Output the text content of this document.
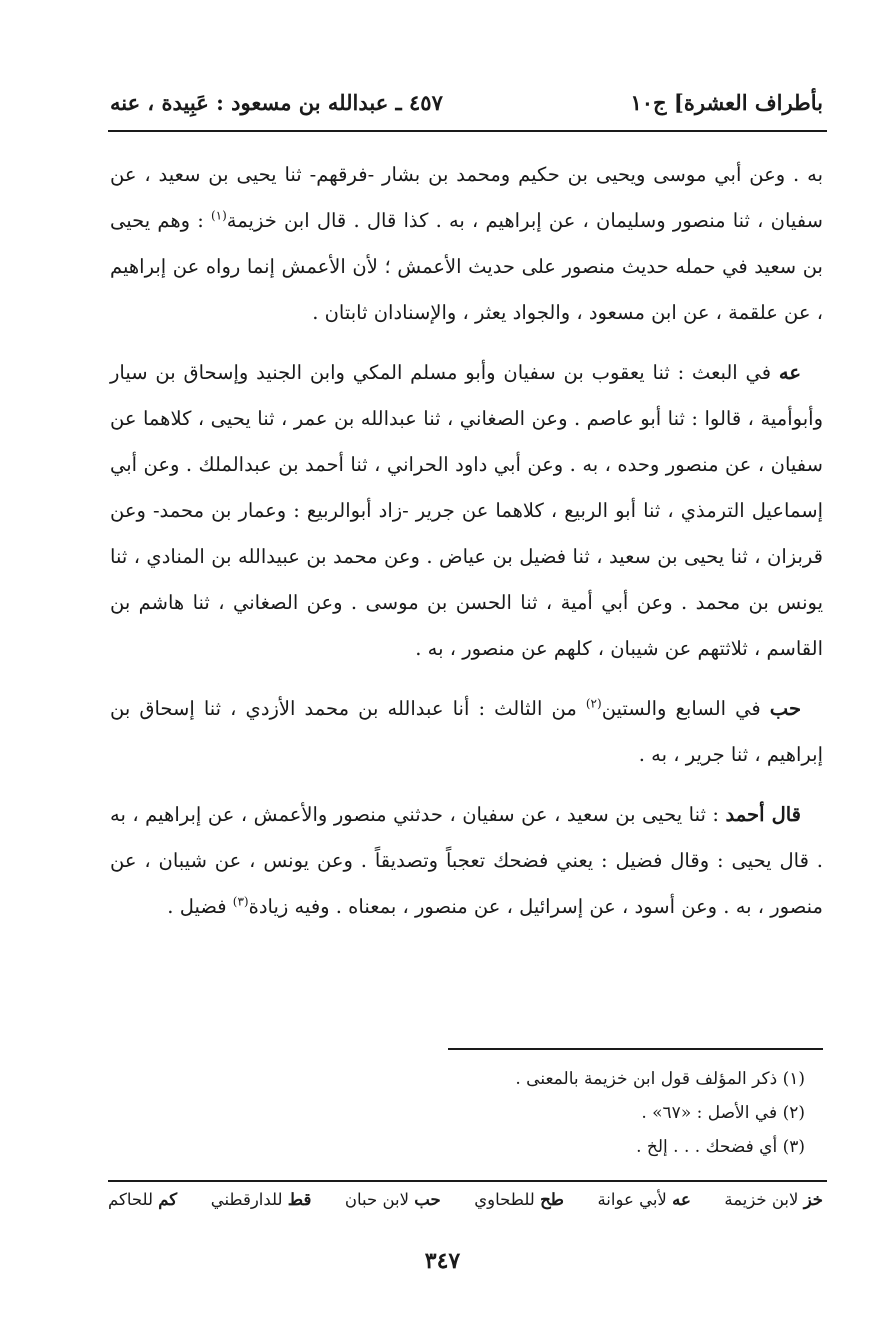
بأطراف العشرة] ج١٠
٤٥٧ ـ عبدالله بن مسعود : عَبِيدة ، عنه

به . وعن أبي موسى ويحيى بن حكيم ومحمد بن بشار -فرقهم- ثنا يحيى بن سعيد ، عن سفيان ، ثنا منصور وسليمان ، عن إبراهيم ، به . كذا قال . قال ابن خزيمة$^{(١)}$ : وهم يحيى بن سعيد في حمله حديث منصور على حديث الأعمش ؛ لأن الأعمش إنما رواه عن إبراهيم ، عن علقمة ، عن ابن مسعود ، والجواد يعثر ، والإسنادان ثابتان .

عه في البعث : ثنا يعقوب بن سفيان وأبو مسلم المكي وابن الجنيد وإسحاق بن سيار وأبوأمية ، قالوا : ثنا أبو عاصم . وعن الصغاني ، ثنا عبدالله بن عمر ، ثنا يحيى ، كلاهما عن سفيان ، عن منصور وحده ، به . وعن أبي داود الحراني ، ثنا أحمد بن عبدالملك . وعن أبي إسماعيل الترمذي ، ثنا أبو الربيع ، كلاهما عن جرير -زاد أبوالربيع : وعمار بن محمد- وعن قربزان ، ثنا يحيى بن سعيد ، ثنا فضيل بن عياض . وعن محمد بن عبيدالله بن المنادي ، ثنا يونس بن محمد . وعن أبي أمية ، ثنا الحسن بن موسى . وعن الصغاني ، ثنا هاشم بن القاسم ، ثلاثتهم عن شيبان ، كلهم عن منصور ، به .

حب في السابع والستين$^{(٢)}$ من الثالث : أنا عبدالله بن محمد الأزدي ، ثنا إسحاق بن إبراهيم ، ثنا جرير ، به .

قال أحمد : ثنا يحيى بن سعيد ، عن سفيان ، حدثني منصور والأعمش ، عن إبراهيم ، به . قال يحيى : وقال فضيل : يعني فضحك تعجباً وتصديقاً . وعن يونس ، عن شيبان ، عن منصور ، به . وعن أسود ، عن إسرائيل ، عن منصور ، بمعناه . وفيه زيادة$^{(٣)}$ فضيل .

(١) ذكر المؤلف قول ابن خزيمة بالمعنى .
(٢) في الأصل : «٦٧» .
(٣) أي فضحك . . . إلخ .
خز لابن خزيمة
عه لأبي عوانة
طح للطحاوي
حب لابن حبان
قط للدارقطني
كم للحاكم
٣٤٧
